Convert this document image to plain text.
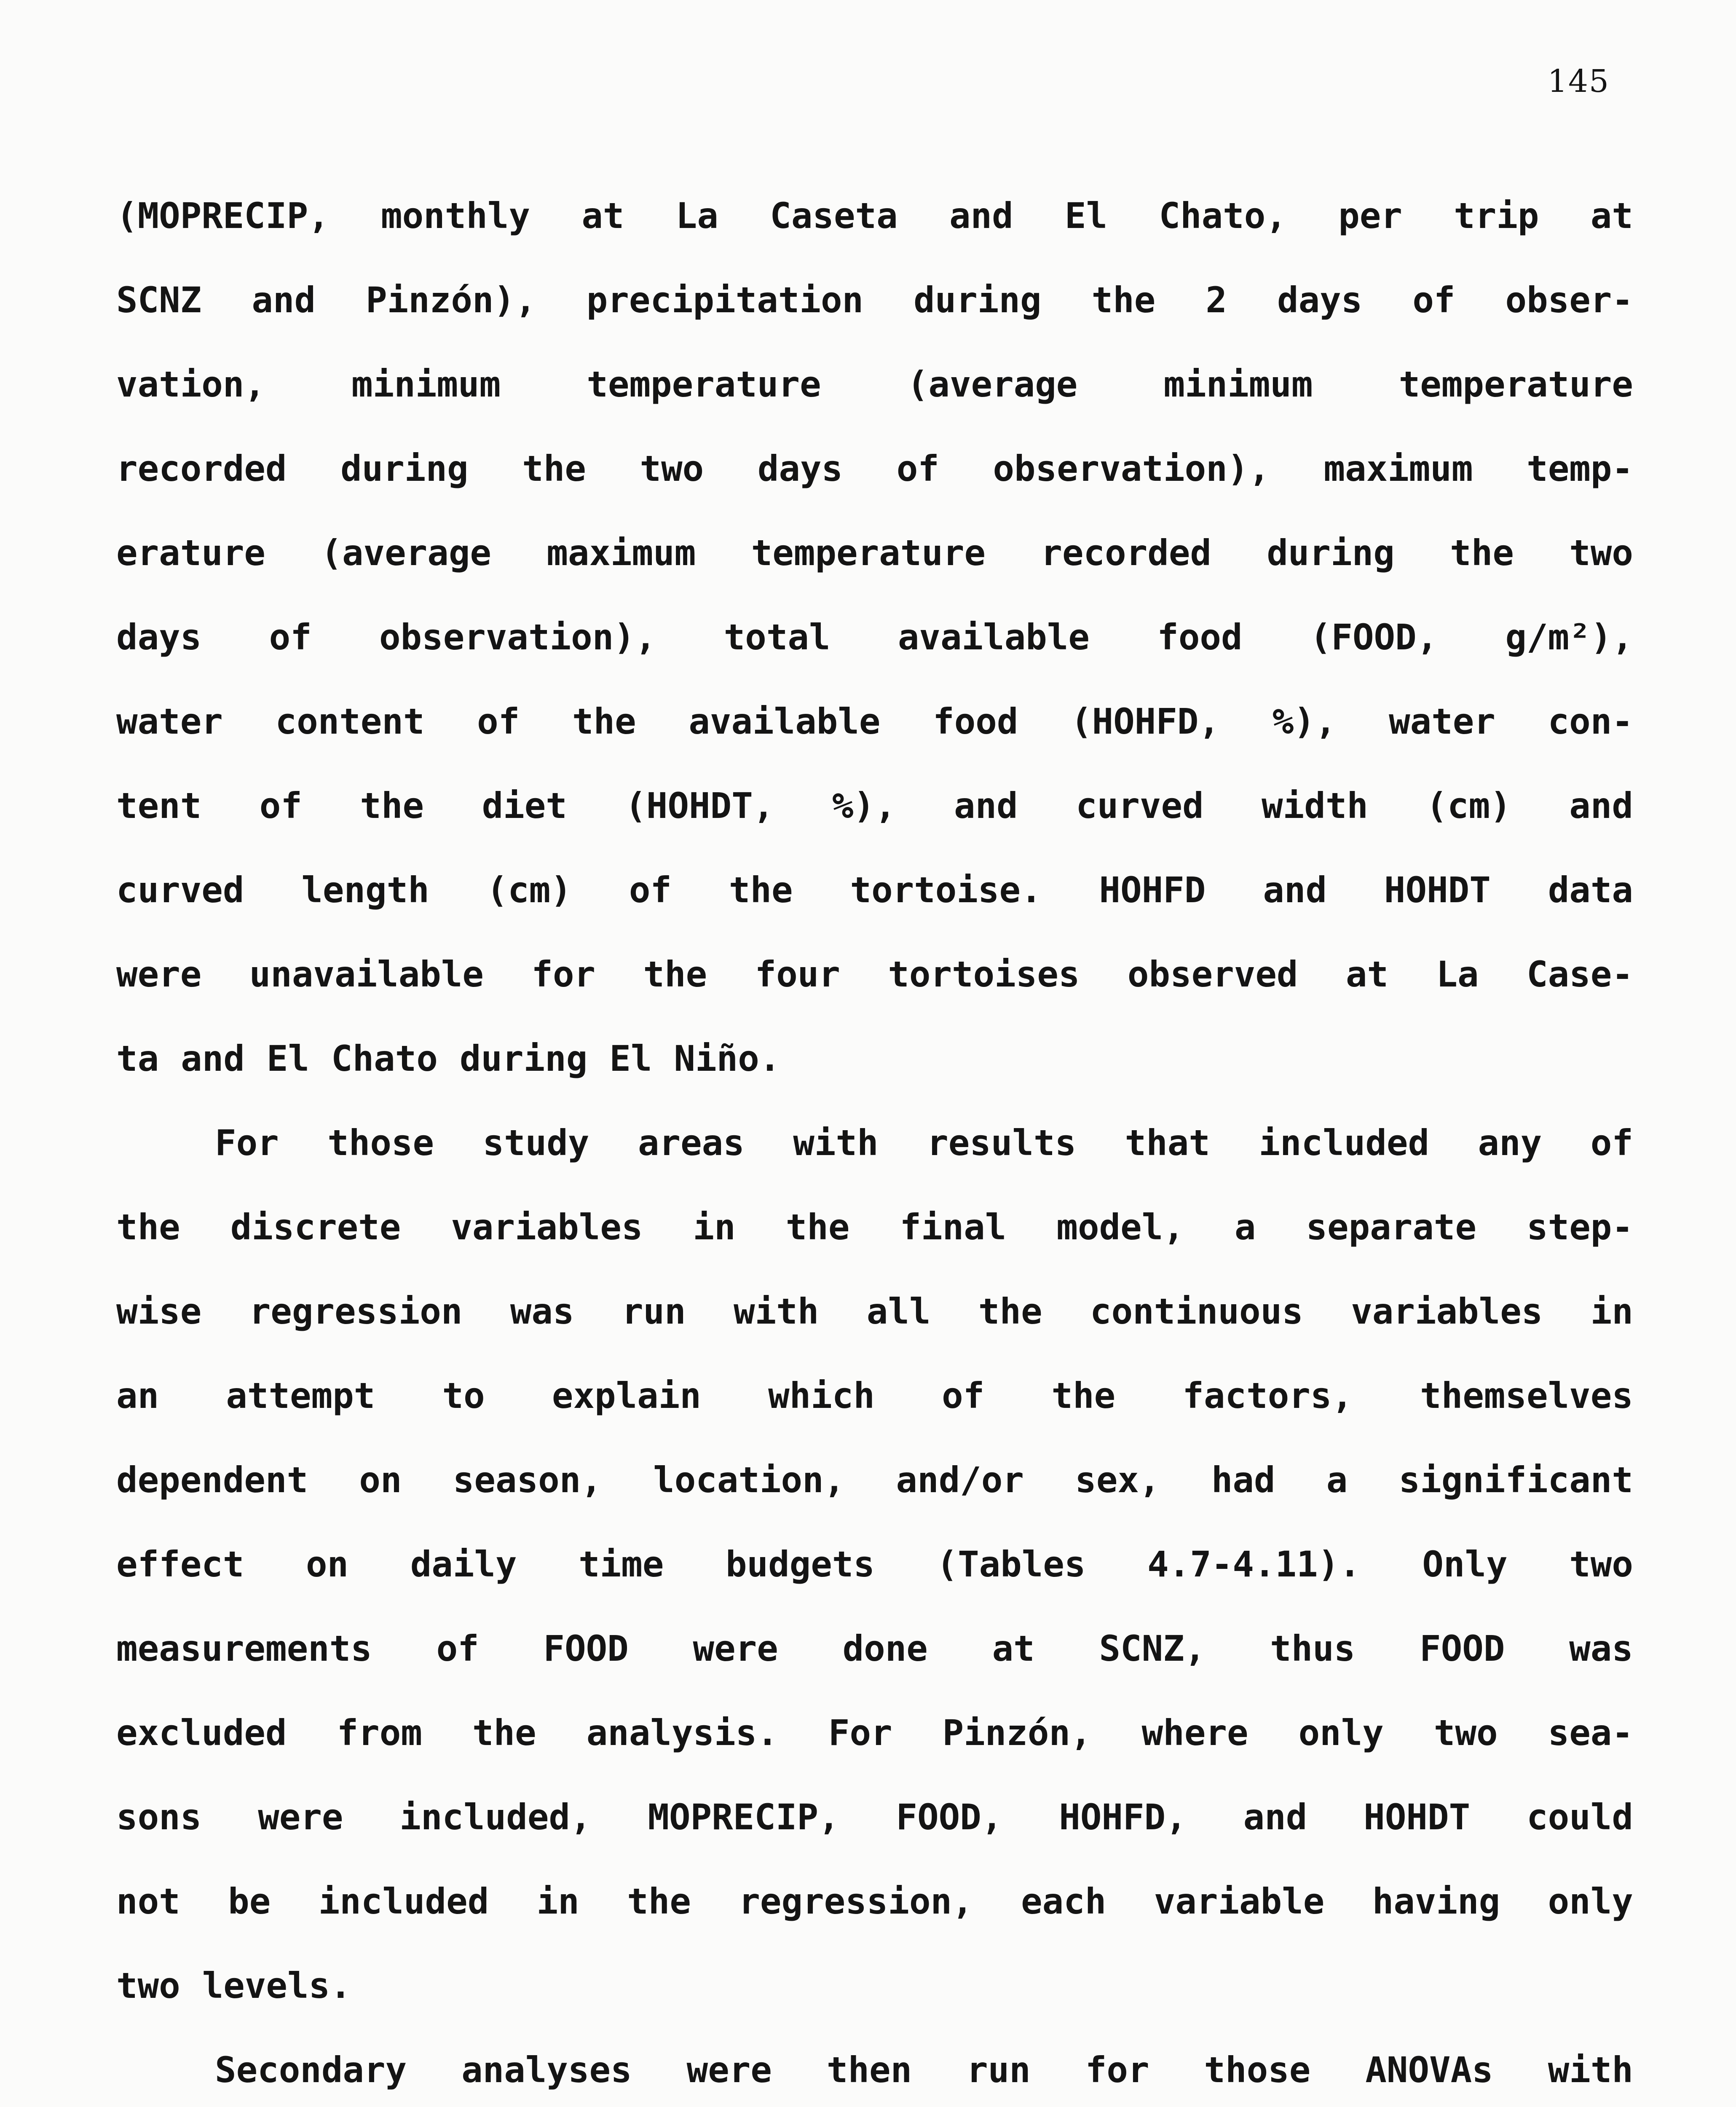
145
(MOPRECIP, monthly at La Caseta and El Chato, per trip at
SCNZ and Pinzón), precipitation during the 2 days of obser-
vation, minimum temperature (average minimum temperature
recorded during the two days of observation), maximum temp-
erature (average maximum temperature recorded during the two
days of observation), total available food (FOOD, g/m²),
water content of the available food (HOHFD, %), water con-
tent of the diet (HOHDT, %), and curved width (cm) and
curved length (cm) of the tortoise. HOHFD and HOHDT data
were unavailable for the four tortoises observed at La Case-
ta and El Chato during El Niño.
For those study areas with results that included any of
the discrete variables in the final model, a separate step-
wise regression was run with all the continuous variables in
an attempt to explain which of the factors, themselves
dependent on season, location, and/or sex, had a significant
effect on daily time budgets (Tables 4.7-4.11). Only two
measurements of FOOD were done at SCNZ, thus FOOD was
excluded from the analysis. For Pinzón, where only two sea-
sons were included, MOPRECIP, FOOD, HOHFD, and HOHDT could
not be included in the regression, each variable having only
two levels.
Secondary analyses were then run for those ANOVAs with
